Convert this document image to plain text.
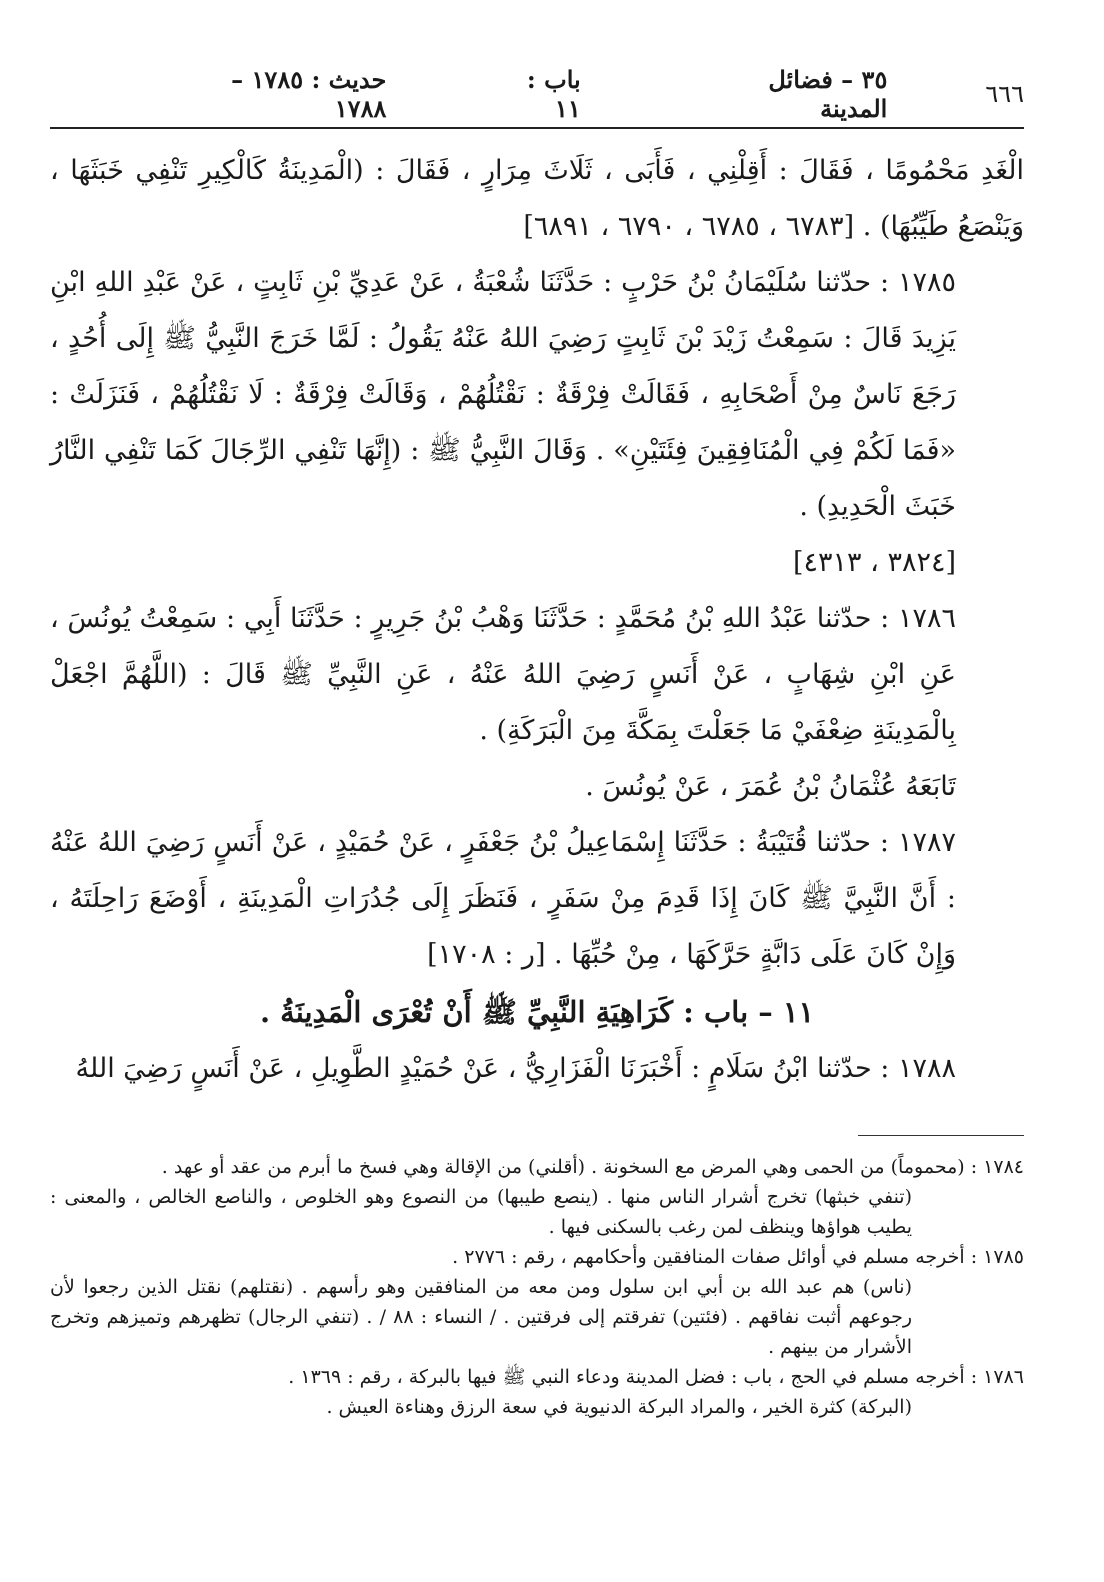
٦٦٦
٣٥ – فضائل المدينة
باب : ١١
حديث : ١٧٨٥ – ١٧٨٨

الْغَدِ مَحْمُومًا ، فَقَالَ : أَقِلْنِي ، فَأَبَى ، ثَلَاثَ مِرَارٍ ، فَقَالَ : (الْمَدِينَةُ كَالْكِيرِ تَنْفِي خَبَثَهَا ، وَيَنْصَعُ طَيِّبُهَا) . [٦٧٨٣ ، ٦٧٨٥ ، ٦٧٩٠ ، ٦٨٩١]

١٧٨٥ : حدّثنا سُلَيْمَانُ بْنُ حَرْبٍ : حَدَّثَنَا شُعْبَةُ ، عَنْ عَدِيِّ بْنِ ثَابِتٍ ، عَنْ عَبْدِ اللهِ ابْنِ يَزِيدَ قَالَ : سَمِعْتُ زَيْدَ بْنَ ثَابِتٍ رَضِيَ اللهُ عَنْهُ يَقُولُ : لَمَّا خَرَجَ النَّبِيُّ ﷺ إِلَى أُحُدٍ ، رَجَعَ نَاسٌ مِنْ أَصْحَابِهِ ، فَقَالَتْ فِرْقَةٌ : نَقْتُلُهُمْ ، وَقَالَتْ فِرْقَةٌ : لَا نَقْتُلُهُمْ ، فَنَزَلَتْ : «فَمَا لَكُمْ فِي الْمُنَافِقِينَ فِئَتَيْنِ» . وَقَالَ النَّبِيُّ ﷺ : (إِنَّهَا تَنْفِي الرِّجَالَ كَمَا تَنْفِي النَّارُ خَبَثَ الْحَدِيدِ) .

[٣٨٢٤ ، ٤٣١٣]

١٧٨٦ : حدّثنا عَبْدُ اللهِ بْنُ مُحَمَّدٍ : حَدَّثَنَا وَهْبُ بْنُ جَرِيرٍ : حَدَّثَنَا أَبِي : سَمِعْتُ يُونُسَ ، عَنِ ابْنِ شِهَابٍ ، عَنْ أَنَسٍ رَضِيَ اللهُ عَنْهُ ، عَنِ النَّبِيِّ ﷺ قَالَ : (اللَّهُمَّ اجْعَلْ بِالْمَدِينَةِ ضِعْفَيْ مَا جَعَلْتَ بِمَكَّةَ مِنَ الْبَرَكَةِ) .

تَابَعَهُ عُثْمَانُ بْنُ عُمَرَ ، عَنْ يُونُسَ .

١٧٨٧ : حدّثنا قُتَيْبَةُ : حَدَّثَنَا إِسْمَاعِيلُ بْنُ جَعْفَرٍ ، عَنْ حُمَيْدٍ ، عَنْ أَنَسٍ رَضِيَ اللهُ عَنْهُ : أَنَّ النَّبِيَّ ﷺ كَانَ إِذَا قَدِمَ مِنْ سَفَرٍ ، فَنَظَرَ إِلَى جُدُرَاتِ الْمَدِينَةِ ، أَوْضَعَ رَاحِلَتَهُ ، وَإِنْ كَانَ عَلَى دَابَّةٍ حَرَّكَهَا ، مِنْ حُبِّهَا . [ر : ١٧٠٨]

١١ – باب : كَرَاهِيَةِ النَّبِيِّ ﷺ أَنْ تُعْرَى الْمَدِينَةُ .

١٧٨٨ : حدّثنا ابْنُ سَلَامٍ : أَخْبَرَنَا الْفَزَارِيُّ ، عَنْ حُمَيْدٍ الطَّوِيلِ ، عَنْ أَنَسٍ رَضِيَ اللهُ

١٧٨٤ : (محموماً) من الحمى وهي المرض مع السخونة . (أقلني) من الإقالة وهي فسخ ما أبرم من عقد أو عهد .

(تنفي خبثها) تخرج أشرار الناس منها . (ينصع طيبها) من النصوع وهو الخلوص ، والناصع الخالص ، والمعنى : يطيب هواؤها وينظف لمن رغب بالسكنى فيها .

١٧٨٥ : أخرجه مسلم في أوائل صفات المنافقين وأحكامهم ، رقم : ٢٧٧٦ .

(ناس) هم عبد الله بن أبي ابن سلول ومن معه من المنافقين وهو رأسهم . (نقتلهم) نقتل الذين رجعوا لأن رجوعهم أثبت نفاقهم . (فئتين) تفرقتم إلى فرقتين . / النساء : ٨٨ / . (تنفي الرجال) تظهرهم وتميزهم وتخرج الأشرار من بينهم .

١٧٨٦ : أخرجه مسلم في الحج ، باب : فضل المدينة ودعاء النبي ﷺ فيها بالبركة ، رقم : ١٣٦٩ .

(البركة) كثرة الخير ، والمراد البركة الدنيوية في سعة الرزق وهناءة العيش .
